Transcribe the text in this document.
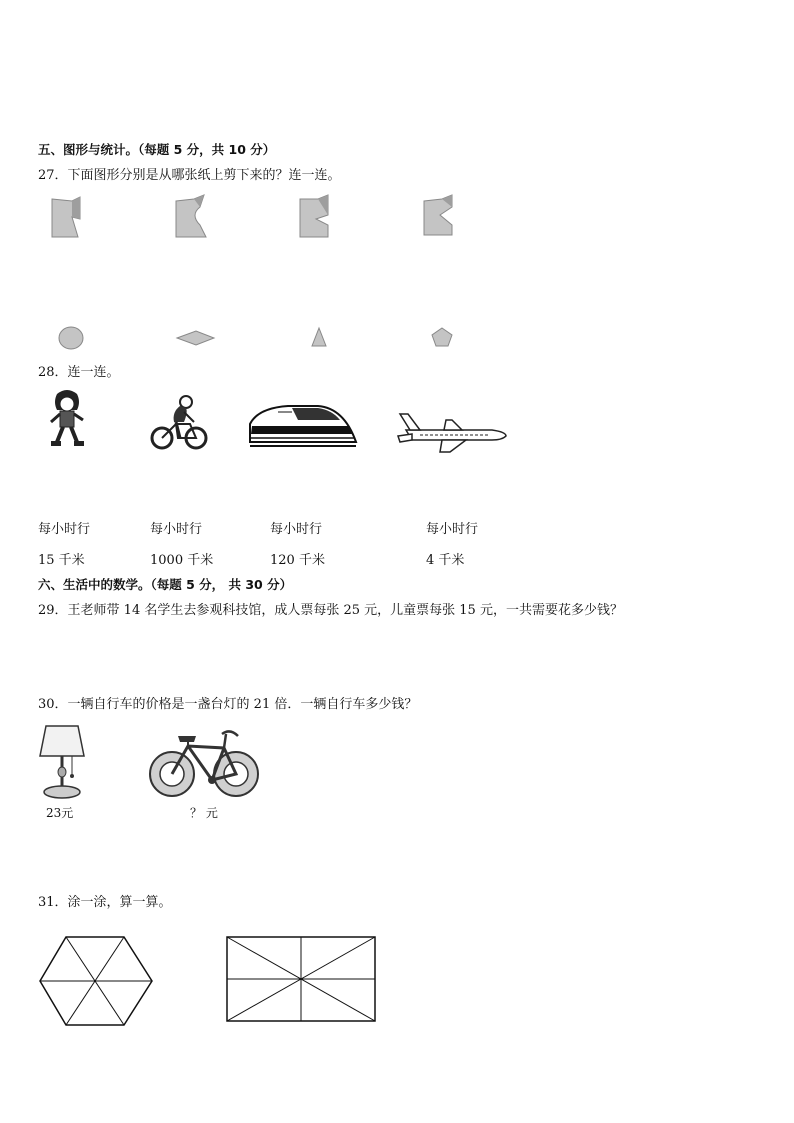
五、图形与统计。（每题 5 分，共 10 分）
27．下面图形分别是从哪张纸上剪下来的？连一连。
28．连一连。
每小时行
15 千米
每小时行
1000 千米
每小时行
120 千米
每小时行
4 千米
六、生活中的数学。（每题 5 分， 共 30 分）
29．王老师带 14 名学生去参观科技馆，成人票每张 25 元，儿童票每张 15 元，一共需要花多少钱？
30．一辆自行车的价格是一盏台灯的 21 倍．一辆自行车多少钱？
23元	？ 元
31．涂一涂，算一算。
